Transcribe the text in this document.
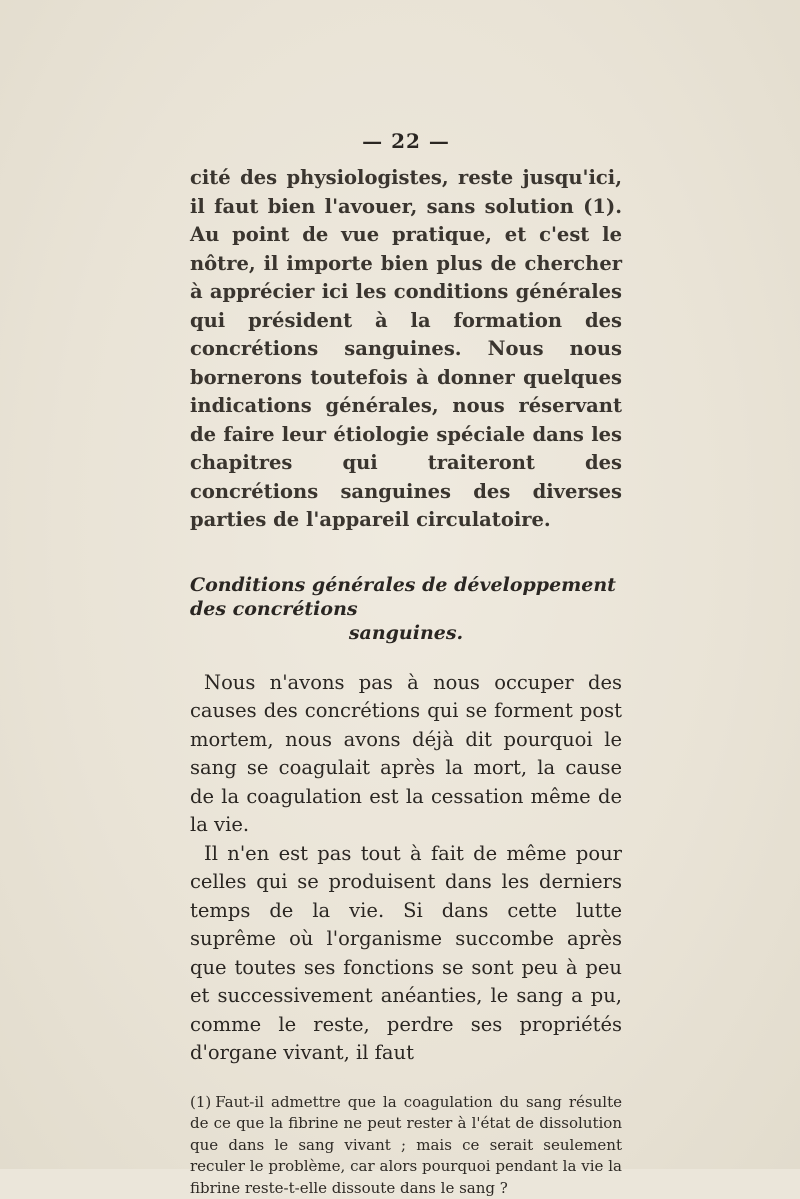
— 22 —

cité des physiologistes, reste jusqu'ici, il faut bien l'avouer, sans solution (1). Au point de vue pratique, et c'est le nôtre, il importe bien plus de chercher à apprécier ici les conditions générales qui président à la formation des concrétions sanguines. Nous nous bornerons toutefois à donner quelques indications générales, nous réservant de faire leur étiologie spéciale dans les chapitres qui traiteront des concrétions sanguines des diverses parties de l'appareil circulatoire.

Conditions générales de développement des concrétions
sanguines.

Nous n'avons pas à nous occuper des causes des concrétions qui se forment post mortem, nous avons déjà dit pourquoi le sang se coagulait après la mort, la cause de la coagulation est la cessation même de la vie.

Il n'en est pas tout à fait de même pour celles qui se produisent dans les derniers temps de la vie. Si dans cette lutte suprême où l'organisme succombe après que toutes ses fonctions se sont peu à peu et successivement anéanties, le sang a pu, comme le reste, perdre ses propriétés d'organe vivant, il faut

(1) Faut-il admettre que la coagulation du sang résulte de ce que la fibrine ne peut rester à l'état de dissolution que dans le sang vivant ; mais ce serait seulement reculer le problème, car alors pourquoi pendant la vie la fibrine reste-t-elle dissoute dans le sang ?
